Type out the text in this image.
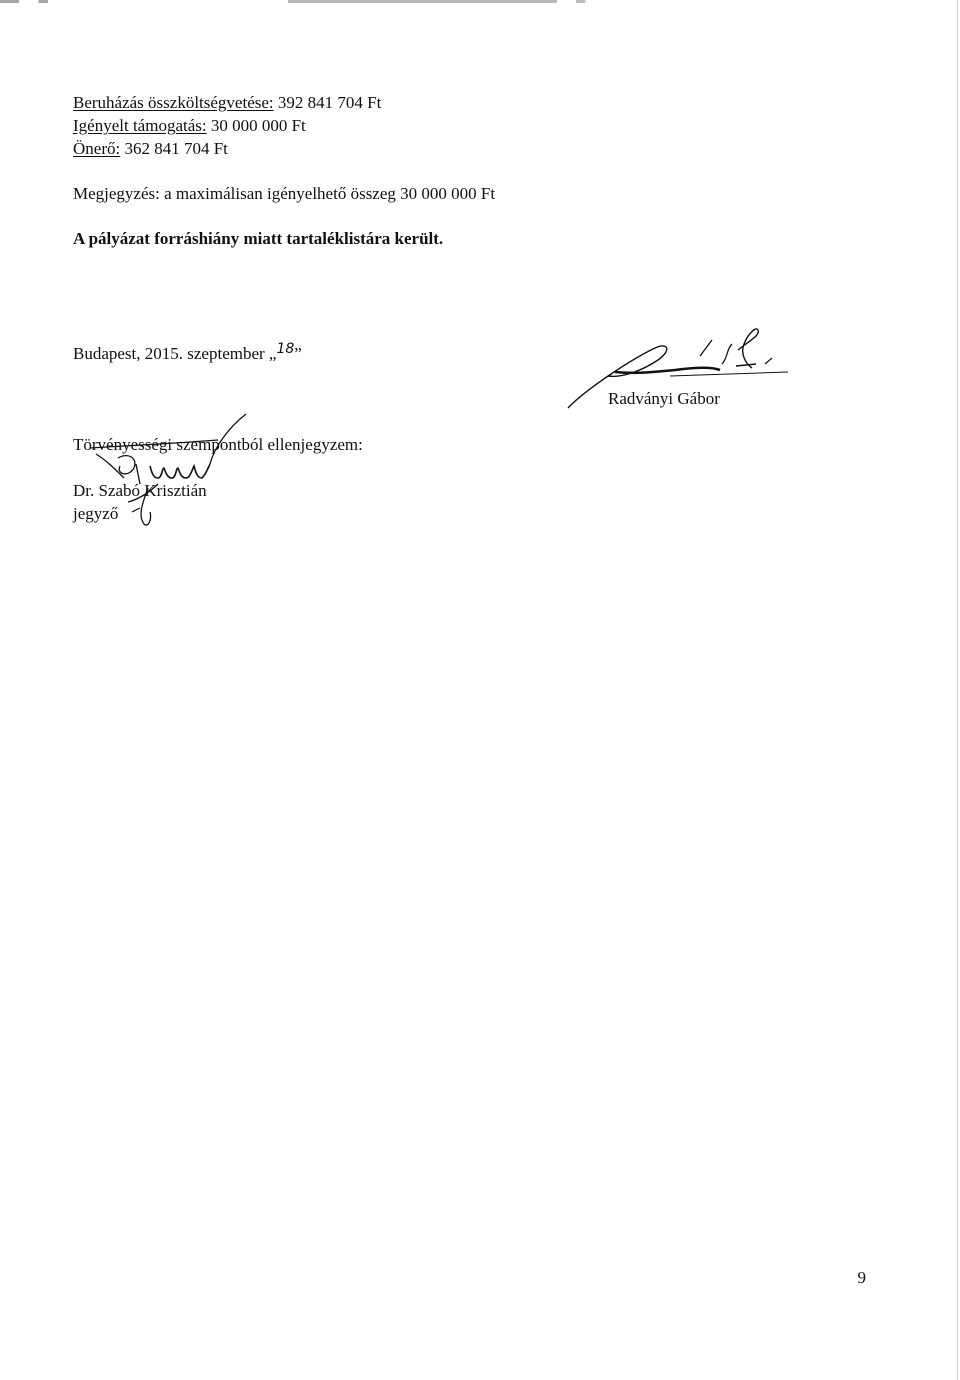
Beruházás összköltségvetése: 392 841 704 Ft
Igényelt támogatás: 30 000 000 Ft
Önerő: 362 841 704 Ft
Megjegyzés: a maximálisan igényelhető összeg 30 000 000 Ft
A pályázat forráshiány miatt tartaléklistára került.
Budapest, 2015. szeptember „$^{18}$”
Radványi Gábor
Törvényességi szempontból ellenjegyzem:
Dr. Szabó Krisztián
jegyző
9
